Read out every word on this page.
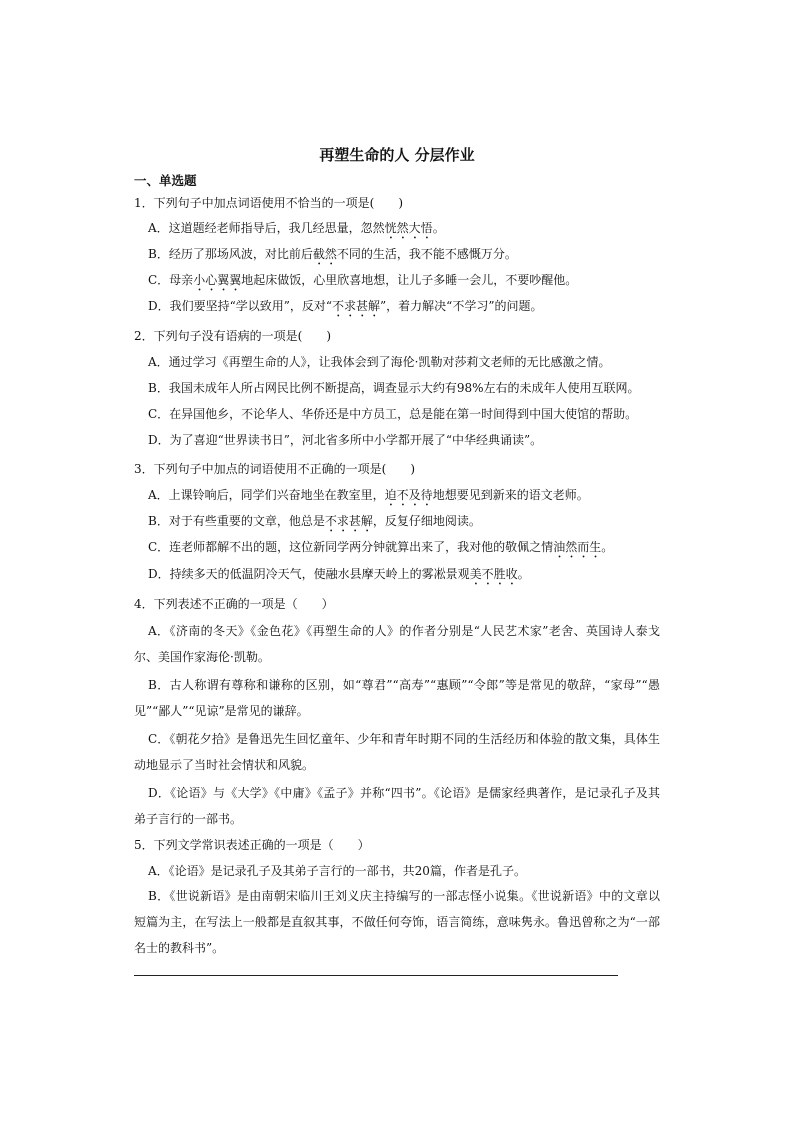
再塑生命的人 分层作业
一、单选题
1．下列句子中加点词语使用不恰当的一项是(　　)
A．这道题经老师指导后，我几经思量，忽然恍然大悟。
B．经历了那场风波，对比前后截然不同的生活，我不能不感慨万分。
C．母亲小心翼翼地起床做饭，心里欣喜地想，让儿子多睡一会儿，不要吵醒他。
D．我们要坚持“学以致用”，反对“不求甚解”，着力解决“不学习”的问题。
2．下列句子没有语病的一项是(　　)
A．通过学习《再塑生命的人》，让我体会到了海伦·凯勒对莎莉文老师的无比感激之情。
B．我国未成年人所占网民比例不断提高，调查显示大约有98%左右的未成年人使用互联网。
C．在异国他乡，不论华人、华侨还是中方员工，总是能在第一时间得到中国大使馆的帮助。
D．为了喜迎“世界读书日”，河北省多所中小学都开展了“中华经典诵读”。
3．下列句子中加点的词语使用不正确的一项是(　　)
A．上课铃响后，同学们兴奋地坐在教室里，迫不及待地想要见到新来的语文老师。
B．对于有些重要的文章，他总是不求甚解，反复仔细地阅读。
C．连老师都解不出的题，这位新同学两分钟就算出来了，我对他的敬佩之情油然而生。
D．持续多天的低温阴冷天气，使融水县摩天岭上的雾凇景观美不胜收。
4．下列表述不正确的一项是（　　）
A．《济南的冬天》《金色花》《再塑生命的人》的作者分别是“人民艺术家”老舍、英国诗人泰戈尔、美国作家海伦·凯勒。
B．古人称谓有尊称和谦称的区别，如“尊君”“高寿”“惠顾”“令郎”等是常见的敬辞，“家母”“愚见”“鄙人”“见谅”是常见的谦辞。
C．《朝花夕拾》是鲁迅先生回忆童年、少年和青年时期不同的生活经历和体验的散文集，具体生动地显示了当时社会情状和风貌。
D．《论语》与《大学》《中庸》《孟子》并称“四书”。《论语》是儒家经典著作，是记录孔子及其弟子言行的一部书。
5．下列文学常识表述正确的一项是（　　）
A．《论语》是记录孔子及其弟子言行的一部书，共20篇，作者是孔子。
B．《世说新语》是由南朝宋临川王刘义庆主持编写的一部志怪小说集。《世说新语》中的文章以短篇为主，在写法上一般都是直叙其事，不做任何夸饰，语言简练，意味隽永。鲁迅曾称之为“一部名士的教科书”。
